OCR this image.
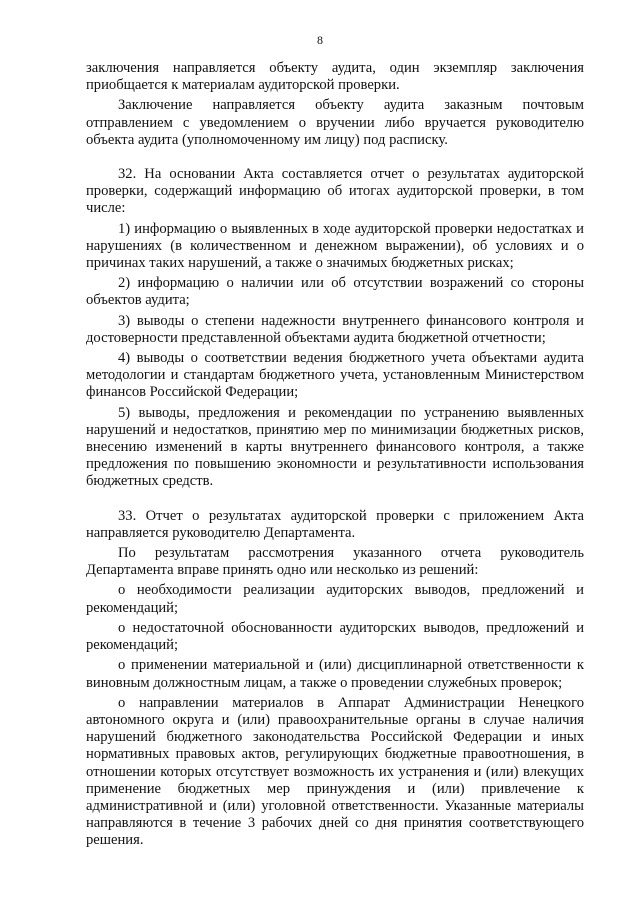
8

заключения направляется объекту аудита, один экземпляр заключения приобщается к материалам аудиторской проверки.

Заключение направляется объекту аудита заказным почтовым отправлением с уведомлением о вручении либо вручается руководителю объекта аудита (уполномоченному им лицу) под расписку.

32. На основании Акта составляется отчет о результатах аудиторской проверки, содержащий информацию об итогах аудиторской проверки, в том числе:

1) информацию о выявленных в ходе аудиторской проверки недостатках и нарушениях (в количественном и денежном выражении), об условиях и о причинах таких нарушений, а также о значимых бюджетных рисках;

2) информацию о наличии или об отсутствии возражений со стороны объектов аудита;

3) выводы о степени надежности внутреннего финансового контроля и достоверности представленной объектами аудита бюджетной отчетности;

4) выводы о соответствии ведения бюджетного учета объектами аудита методологии и стандартам бюджетного учета, установленным Министерством финансов Российской Федерации;

5) выводы, предложения и рекомендации по устранению выявленных нарушений и недостатков, принятию мер по минимизации бюджетных рисков, внесению изменений в карты внутреннего финансового контроля, а также предложения по повышению экономности и результативности использования бюджетных средств.

33. Отчет о результатах аудиторской проверки с приложением Акта направляется руководителю Департамента.

По результатам рассмотрения указанного отчета руководитель Департамента вправе принять одно или несколько из решений:

о необходимости реализации аудиторских выводов, предложений и рекомендаций;

о недостаточной обоснованности аудиторских выводов, предложений и рекомендаций;

о применении материальной и (или) дисциплинарной ответственности к виновным должностным лицам, а также о проведении служебных проверок;

о направлении материалов в Аппарат Администрации Ненецкого автономного округа и (или) правоохранительные органы в случае наличия нарушений бюджетного законодательства Российской Федерации и иных нормативных правовых актов, регулирующих бюджетные правоотношения, в отношении которых отсутствует возможность их устранения и (или) влекущих применение бюджетных мер принуждения и (или) привлечение к административной и (или) уголовной ответственности. Указанные материалы направляются в течение 3 рабочих дней со дня принятия соответствующего решения.
